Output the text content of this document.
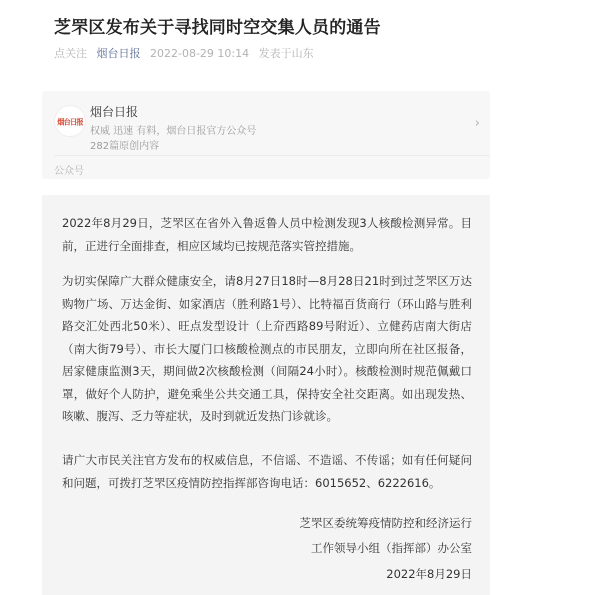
芝罘区发布关于寻找同时空交集人员的通告
点关注 烟台日报 2022-08-29 10:14 发表于山东
烟台日报
烟台日报
权威 迅速 有料，烟台日报官方公众号
282篇原创内容
›
公众号
2022年8月29日，芝罘区在省外入鲁返鲁人员中检测发现3人核酸检测异常。目前，正进行全面排查，相应区域均已按规范落实管控措施。
为切实保障广大群众健康安全，请8月27日18时—8月28日21时到过芝罘区万达购物广场、万达金街、如家酒店（胜利路1号）、比特福百货商行（环山路与胜利路交汇处西北50米）、旺点发型设计（上夼西路89号附近）、立健药店南大街店（南大街79号）、市长大厦门口核酸检测点的市民朋友，立即向所在社区报备，居家健康监测3天，期间做2次核酸检测（间隔24小时）。核酸检测时规范佩戴口罩，做好个人防护，避免乘坐公共交通工具，保持安全社交距离。如出现发热、咳嗽、腹泻、乏力等症状，及时到就近发热门诊就诊。
请广大市民关注官方发布的权威信息，不信谣、不造谣、不传谣；如有任何疑问和问题，可拨打芝罘区疫情防控指挥部咨询电话：6015652、6222616。
芝罘区委统筹疫情防控和经济运行
工作领导小组（指挥部）办公室
2022年8月29日
